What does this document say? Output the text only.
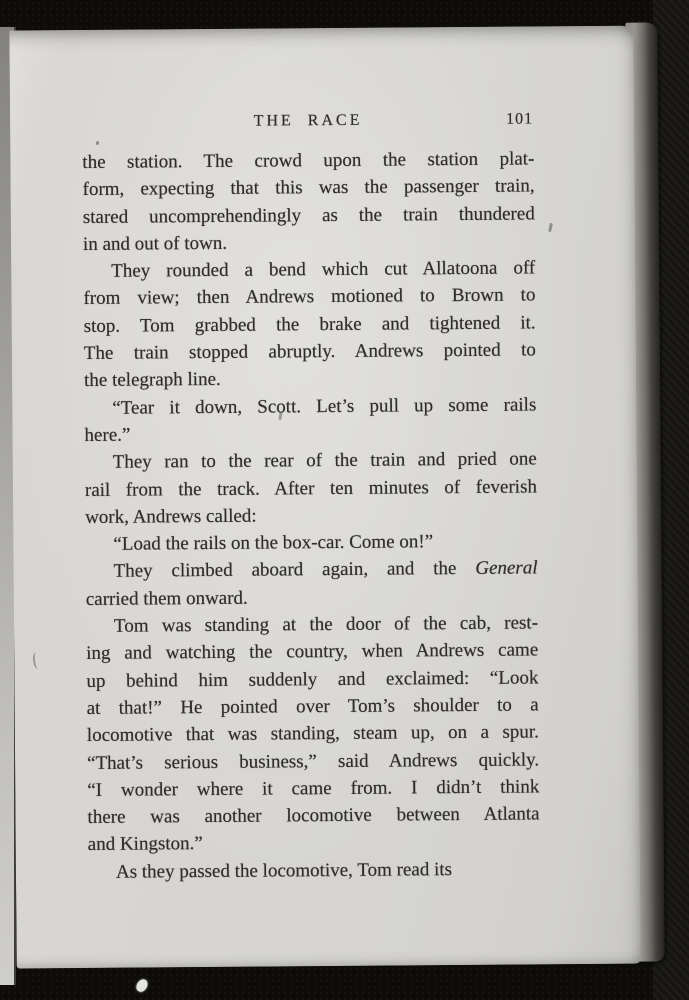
THE RACE	101
the station. The crowd upon the station plat-
form, expecting that this was the passenger train,
stared uncomprehendingly as the train thundered
in and out of town.
They rounded a bend which cut Allatoona off
from view; then Andrews motioned to Brown to
stop. Tom grabbed the brake and tightened it.
The train stopped abruptly. Andrews pointed to
the telegraph line.
“Tear it down, Scott. Let’s pull up some rails
here.”
They ran to the rear of the train and pried one
rail from the track. After ten minutes of feverish
work, Andrews called:
“Load the rails on the box-car. Come on!”
They climbed aboard again, and the General
carried them onward.
Tom was standing at the door of the cab, rest-
ing and watching the country, when Andrews came
up behind him suddenly and exclaimed: “Look
at that!” He pointed over Tom’s shoulder to a
locomotive that was standing, steam up, on a spur.
“That’s serious business,” said Andrews quickly.
“I wonder where it came from. I didn’t think
there was another locomotive between Atlanta
and Kingston.”
As they passed the locomotive, Tom read its
